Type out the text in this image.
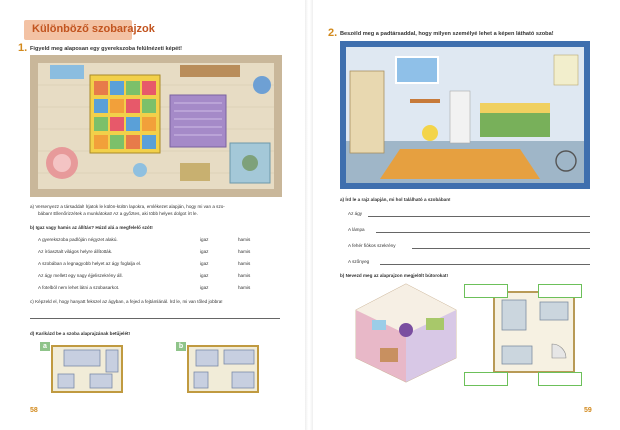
Különböző szobarajzok
1. Figyeld meg alaposan egy gyerekszoba felülnézeti képét!
a) Versenyezz a társaddal! Írjatok le külön-külön lapokra, emlékezet alapján, hogy mi van a szo-
bában! Ellenőrizzétek a munkátokat! Az a győztes, aki több helyes dolgot írt le.
b) Igaz vagy hamis az állítás? Húzd alá a megfelelő szót!
A gyerekszoba padlóján négyzet alakú.	igaz	hamis
Az íróasztalt világos helyre állították.	igaz	hamis
A szobában a legnagyobb helyet az ágy foglalja el.	igaz	hamis
Az ágy mellett egy nagy éjjeliszekrény áll.	igaz	hamis
A fotelból nem lehet látni a szobasarkot.	igaz	hamis
c) Képzeld el, hogy hanyatt fekszel az ágyban, a fejed a fejtámlánál. Írd le, mi van tőled jobbra!
d) Karikázd be a szoba alaprajzának betűjelét!
a	b
58
2. Beszéld meg a padtársaddal, hogy milyen személyé lehet a képen látható szoba!
a) Írd le a rajz alapján, mi hol található a szobában!
Az ágy
A lámpa
A fehér fiókos szekrény
A szőnyeg
b) Nevezd meg az alaprajzon megjelölt bútorokat!
59
